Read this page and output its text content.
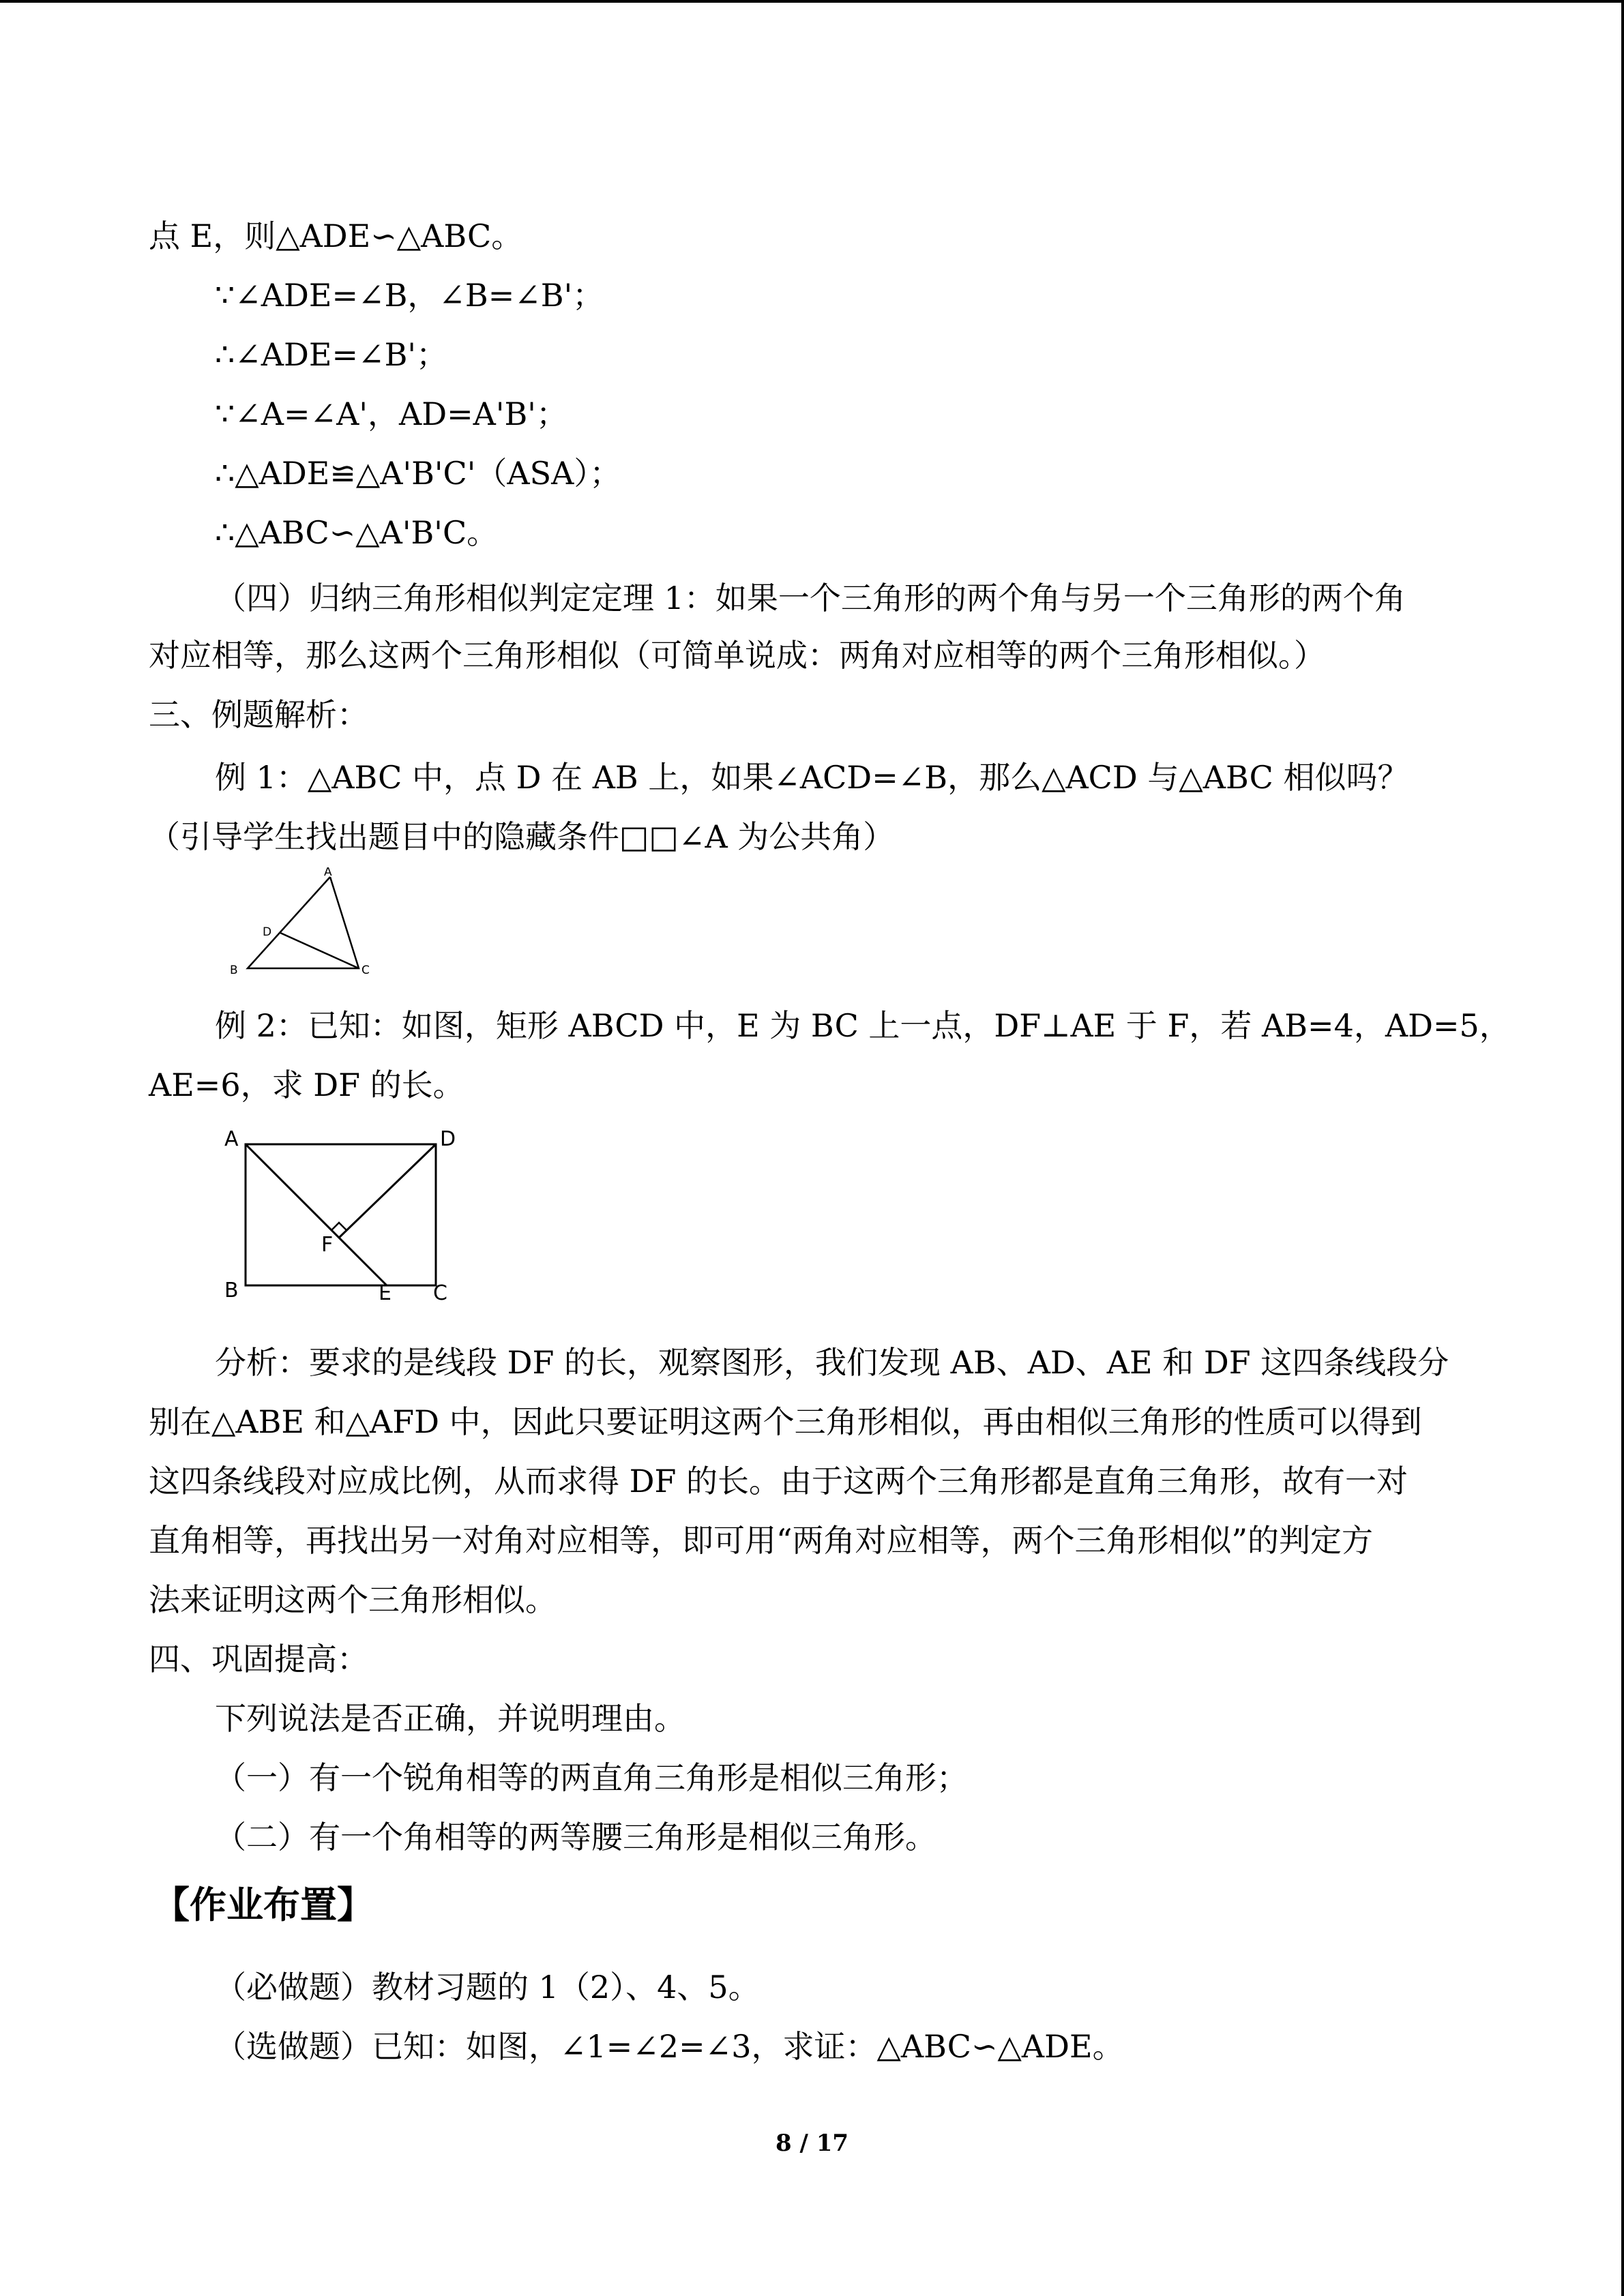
点 E，则△ADE∽△ABC。
∵∠ADE=∠B，∠B=∠B'；
∴∠ADE=∠B'；
∵∠A=∠A'，AD=A'B'；
∴△ADE≌△A'B'C'（ASA）；
∴△ABC∽△A'B'C。
（四）归纳三角形相似判定定理 1：如果一个三角形的两个角与另一个三角形的两个角
对应相等，那么这两个三角形相似（可简单说成：两角对应相等的两个三角形相似。）
三、例题解析：
例 1：△ABC 中，点 D 在 AB 上，如果∠ACD=∠B，那么△ACD 与△ABC 相似吗？
（引导学生找出题目中的隐藏条件□□∠A 为公共角）
A
D
B	C
例 2：已知：如图，矩形 ABCD 中，E 为 BC 上一点，DF⊥AE 于 F，若 AB=4，AD=5，
AE=6，求 DF 的长。
A	D
F
B	E C
分析：要求的是线段 DF 的长，观察图形，我们发现 AB、AD、AE 和 DF 这四条线段分
别在△ABE 和△AFD 中，因此只要证明这两个三角形相似，再由相似三角形的性质可以得到
这四条线段对应成比例，从而求得 DF 的长。由于这两个三角形都是直角三角形，故有一对
直角相等，再找出另一对角对应相等，即可用“两角对应相等，两个三角形相似”的判定方
法来证明这两个三角形相似。
四、巩固提高：
下列说法是否正确，并说明理由。
（一）有一个锐角相等的两直角三角形是相似三角形；
（二）有一个角相等的两等腰三角形是相似三角形。
【作业布置】
（必做题）教材习题的 1（2）、4、5。
（选做题）已知：如图，∠1=∠2=∠3，求证：△ABC∽△ADE。
8 / 17
